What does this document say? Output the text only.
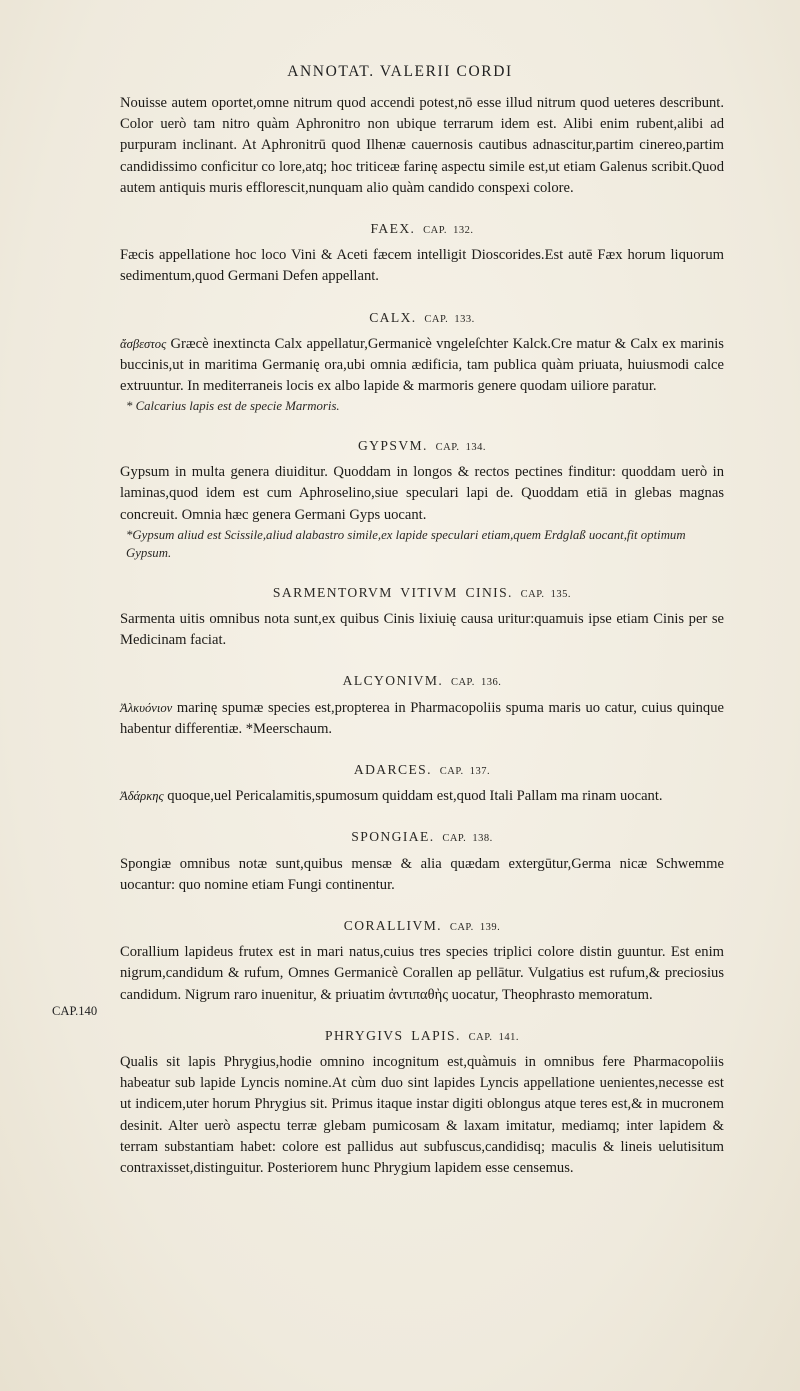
ANNOTAT. VALERII CORDI
CAP.140

Nouisse autem oportet,omne nitrum quod accendi potest,nō esse illud nitrum quod ueteres describunt. Color uerò tam nitro quàm Aphronitro non ubique terrarum idem est. Alibi enim rubent,alibi ad purpuram inclinant. At Aphronitrū quod Ilhenæ cauernosis cautibus adnascitur,partim cinereo,partim candidissimo conficitur co lore,atq; hoc triticeæ farinę aspectu simile est,ut etiam Galenus scribit.Quod autem antiquis muris efflorescit,nunquam alio quàm candido conspexi colore.

FAEX. CAP. 132.

Fæcis appellatione hoc loco Vini & Aceti fæcem intelligit Dioscorides.Est autē Fæx horum liquorum sedimentum,quod Germani Defen appellant.

CALX. CAP. 133.

ἄσβεστος Græcè inextincta Calx appellatur,Germanicè vngeleſchter Kalck.Cre matur & Calx ex marinis buccinis,ut in maritima Germanię ora,ubi omnia ædificia, tam publica quàm priuata, huiusmodi calce extruuntur. In mediterraneis locis ex albo lapide & marmoris genere quodam uiliore paratur.

* Calcarius lapis est de specie Marmoris.

GYPSVM. CAP. 134.

Gypsum in multa genera diuiditur. Quoddam in longos & rectos pectines finditur: quoddam uerò in laminas,quod idem est cum Aphroselino,siue speculari lapi de. Quoddam etiā in glebas magnas concreuit. Omnia hæc genera Germani Gyps uocant.

*Gypsum aliud est Scissile,aliud alabastro simile,ex lapide speculari etiam,quem Erdglaß uocant,fit optimum Gypsum.

SARMENTORVM VITIVM CINIS. CAP. 135.

Sarmenta uitis omnibus nota sunt,ex quibus Cinis lixiuię causa uritur:quamuis ipse etiam Cinis per se Medicinam faciat.

ALCYONIVM. CAP. 136.

Ἀλκυόνιον marinę spumæ species est,propterea in Pharmacopoliis spuma maris uo catur, cuius quinque habentur differentiæ. *Meerschaum.

ADARCES. CAP. 137.

Ἀδάρκης quoque,uel Pericalamitis,spumosum quiddam est,quod Itali Pallam ma rinam uocant.

SPONGIAE. CAP. 138.

Spongiæ omnibus notæ sunt,quibus mensæ & alia quædam extergūtur,Germa nicæ Schwemme uocantur: quo nomine etiam Fungi continentur.

CORALLIVM. CAP. 139.

Corallium lapideus frutex est in mari natus,cuius tres species triplici colore distin guuntur. Est enim nigrum,candidum & rufum, Omnes Germanicè Corallen ap pellātur. Vulgatius est rufum,& preciosius candidum. Nigrum raro inuenitur, & priuatim ἀντιπαθὴς uocatur, Theophrasto memoratum.

PHRYGIVS LAPIS. CAP. 141.

Qualis sit lapis Phrygius,hodie omnino incognitum est,quàmuis in omnibus fere Pharmacopoliis habeatur sub lapide Lyncis nomine.At cùm duo sint lapides Lyncis appellatione uenientes,necesse est ut indicem,uter horum Phrygius sit. Primus itaque instar digiti oblongus atque teres est,& in mucronem desinit. Alter uerò aspectu terræ glebam pumicosam & laxam imitatur, mediamq; inter lapidem & terram substantiam habet: colore est pallidus aut subfuscus,candidisq; maculis & lineis uelutisitum contraxisset,distinguitur. Posteriorem hunc Phrygium lapidem esse censemus.
